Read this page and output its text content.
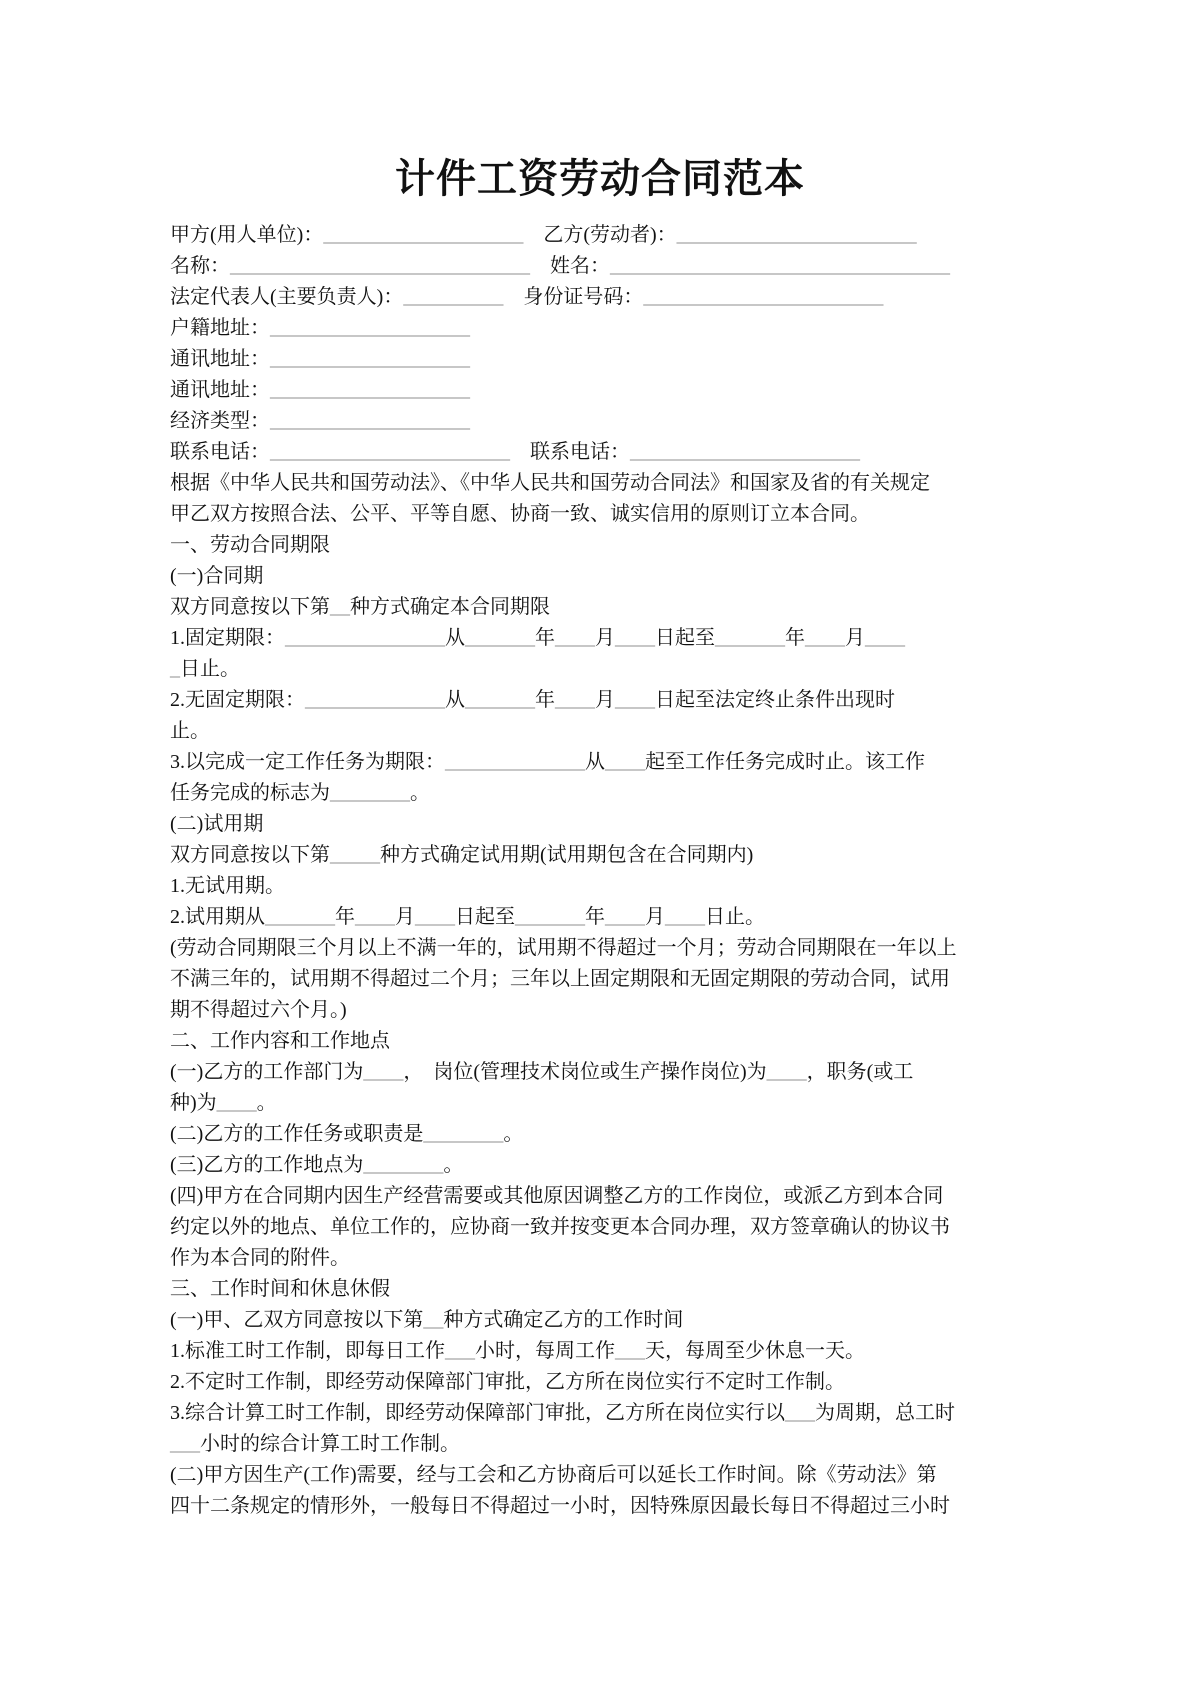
计件工资劳动合同范本

甲方(用人单位)：____________________　乙方(劳动者)：________________________

名称：______________________________　姓名：__________________________________

法定代表人(主要负责人)：__________　身份证号码：________________________

户籍地址：____________________

通讯地址：____________________

通讯地址：____________________

经济类型：____________________

联系电话：________________________　联系电话：_______________________

根据《中华人民共和国劳动法》、《中华人民共和国劳动合同法》和国家及省的有关规定

甲乙双方按照合法、公平、平等自愿、协商一致、诚实信用的原则订立本合同。

一、劳动合同期限

(一)合同期

双方同意按以下第__种方式确定本合同期限

1.固定期限：________________从_______年____月____日起至_______年____月____

_日止。

2.无固定期限：______________从_______年____月____日起至法定终止条件出现时

止。

3.以完成一定工作任务为期限：______________从____起至工作任务完成时止。该工作

任务完成的标志为________。

(二)试用期

双方同意按以下第_____种方式确定试用期(试用期包含在合同期内)

1.无试用期。

2.试用期从_______年____月____日起至_______年____月____日止。

(劳动合同期限三个月以上不满一年的，试用期不得超过一个月；劳动合同期限在一年以上

不满三年的，试用期不得超过二个月；三年以上固定期限和无固定期限的劳动合同，试用

期不得超过六个月。)

二、工作内容和工作地点

(一)乙方的工作部门为____，　岗位(管理技术岗位或生产操作岗位)为____，职务(或工

种)为____。

(二)乙方的工作任务或职责是________。

(三)乙方的工作地点为________。

(四)甲方在合同期内因生产经营需要或其他原因调整乙方的工作岗位，或派乙方到本合同

约定以外的地点、单位工作的，应协商一致并按变更本合同办理，双方签章确认的协议书

作为本合同的附件。

三、工作时间和休息休假

(一)甲、乙双方同意按以下第__种方式确定乙方的工作时间

1.标准工时工作制，即每日工作___小时，每周工作___天，每周至少休息一天。

2.不定时工作制，即经劳动保障部门审批，乙方所在岗位实行不定时工作制。

3.综合计算工时工作制，即经劳动保障部门审批，乙方所在岗位实行以___为周期，总工时

___小时的综合计算工时工作制。

(二)甲方因生产(工作)需要，经与工会和乙方协商后可以延长工作时间。除《劳动法》第

四十二条规定的情形外，一般每日不得超过一小时，因特殊原因最长每日不得超过三小时
